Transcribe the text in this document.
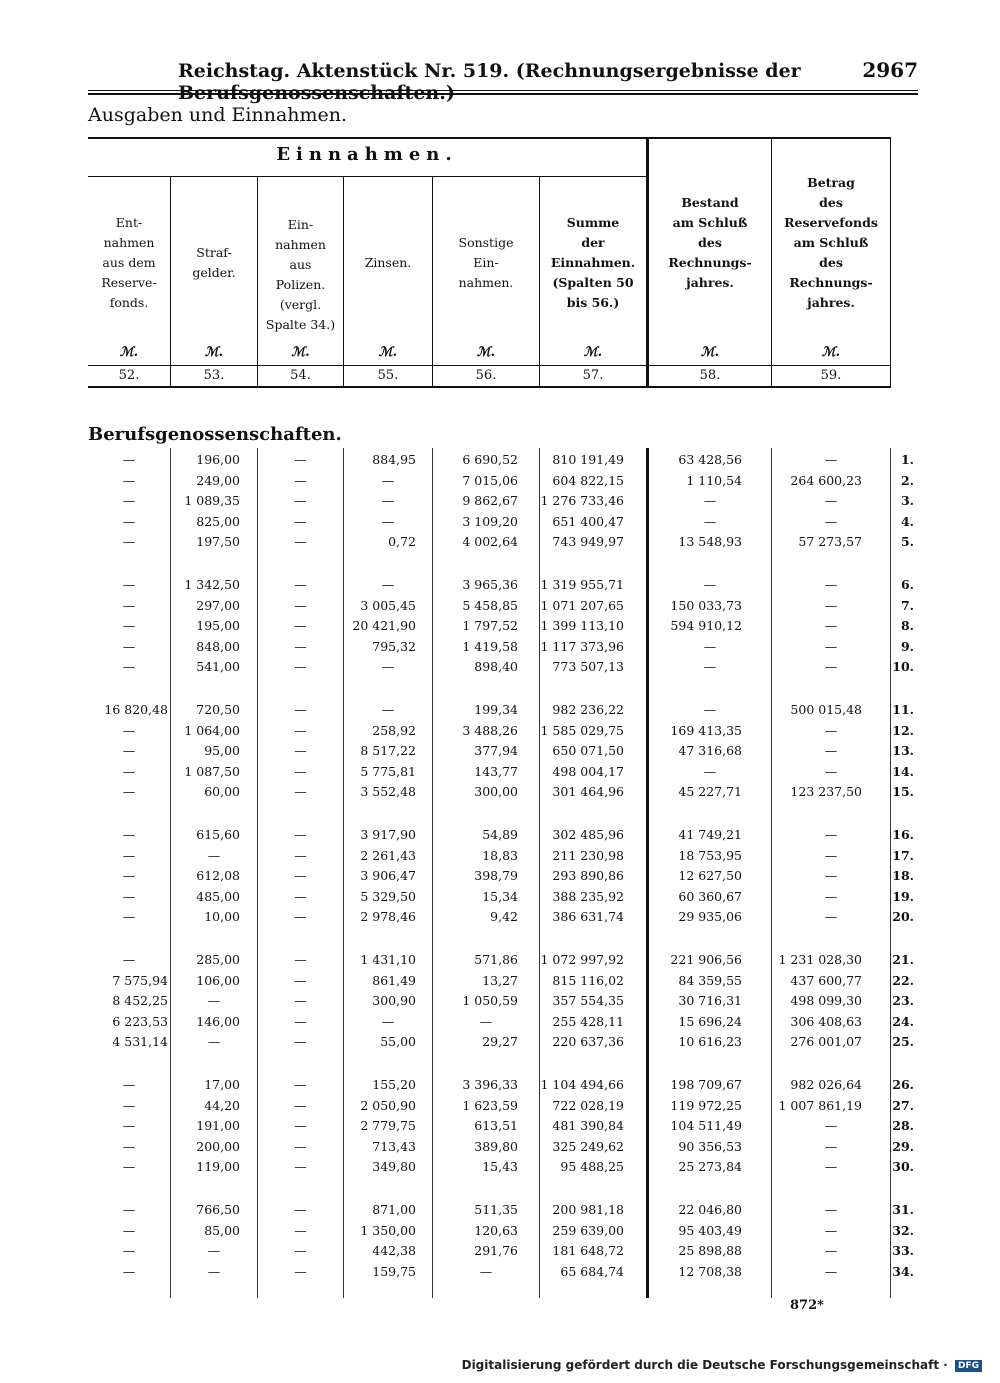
Reichstag. Aktenstück Nr. 519. (Rechnungsergebnisse der Berufsgenossenschaften.)
2967
Ausgaben und Einnahmen.
Einnahmen.
Ent-
nahmen
aus dem
Reserve-
fonds.
ℳ.
52.
Straf-
gelder.
ℳ.
53.
Ein-
nahmen
aus
Polizen.
(vergl.
Spalte 34.)
ℳ.
54.
Zinsen.
ℳ.
55.
Sonstige
Ein-
nahmen.
ℳ.
56.
Summe
der
Einnahmen.
(Spalten 50
bis 56.)
ℳ.
57.
Bestand
am Schluß
des
Rechnungs-
jahres.
ℳ.
58.
Betrag
des
Reservefonds
am Schluß
des
Rechnungs-
jahres.
ℳ.
59.
Berufsgenossenschaften.
—	196,00	—	884,95	6 690,52	810 191,49	63 428,56	—	1.
—	249,00	—	—	7 015,06	604 822,15	1 110,54	264 600,23	2.
—	1 089,35	—	—	9 862,67	1 276 733,46	—	—	3.
—	825,00	—	—	3 109,20	651 400,47	—	—	4.
—	197,50	—	0,72	4 002,64	743 949,97	13 548,93	57 273,57	5.
—	1 342,50	—	—	3 965,36	1 319 955,71	—	—	6.
—	297,00	—	3 005,45	5 458,85	1 071 207,65	150 033,73	—	7.
—	195,00	—	20 421,90	1 797,52	1 399 113,10	594 910,12	—	8.
—	848,00	—	795,32	1 419,58	1 117 373,96	—	—	9.
—	541,00	—	—	898,40	773 507,13	—	—	10.
16 820,48	720,50	—	—	199,34	982 236,22	—	500 015,48	11.
—	1 064,00	—	258,92	3 488,26	1 585 029,75	169 413,35	—	12.
—	95,00	—	8 517,22	377,94	650 071,50	47 316,68	—	13.
—	1 087,50	—	5 775,81	143,77	498 004,17	—	—	14.
—	60,00	—	3 552,48	300,00	301 464,96	45 227,71	123 237,50	15.
—	615,60	—	3 917,90	54,89	302 485,96	41 749,21	—	16.
—	—	—	2 261,43	18,83	211 230,98	18 753,95	—	17.
—	612,08	—	3 906,47	398,79	293 890,86	12 627,50	—	18.
—	485,00	—	5 329,50	15,34	388 235,92	60 360,67	—	19.
—	10,00	—	2 978,46	9,42	386 631,74	29 935,06	—	20.
—	285,00	—	1 431,10	571,86	1 072 997,92	221 906,56	1 231 028,30	21.
7 575,94	106,00	—	861,49	13,27	815 116,02	84 359,55	437 600,77	22.
8 452,25	—	—	300,90	1 050,59	357 554,35	30 716,31	498 099,30	23.
6 223,53	146,00	—	—	—	255 428,11	15 696,24	306 408,63	24.
4 531,14	—	—	55,00	29,27	220 637,36	10 616,23	276 001,07	25.
—	17,00	—	155,20	3 396,33	1 104 494,66	198 709,67	982 026,64	26.
—	44,20	—	2 050,90	1 623,59	722 028,19	119 972,25	1 007 861,19	27.
—	191,00	—	2 779,75	613,51	481 390,84	104 511,49	—	28.
—	200,00	—	713,43	389,80	325 249,62	90 356,53	—	29.
—	119,00	—	349,80	15,43	95 488,25	25 273,84	—	30.
—	766,50	—	871,00	511,35	200 981,18	22 046,80	—	31.
—	85,00	—	1 350,00	120,63	259 639,00	95 403,49	—	32.
—	—	—	442,38	291,76	181 648,72	25 898,88	—	33.
—	—	—	159,75	—	65 684,74	12 708,38	—	34.
872*
Digitalisierung gefördert durch die Deutsche Forschungsgemeinschaft · DFG
